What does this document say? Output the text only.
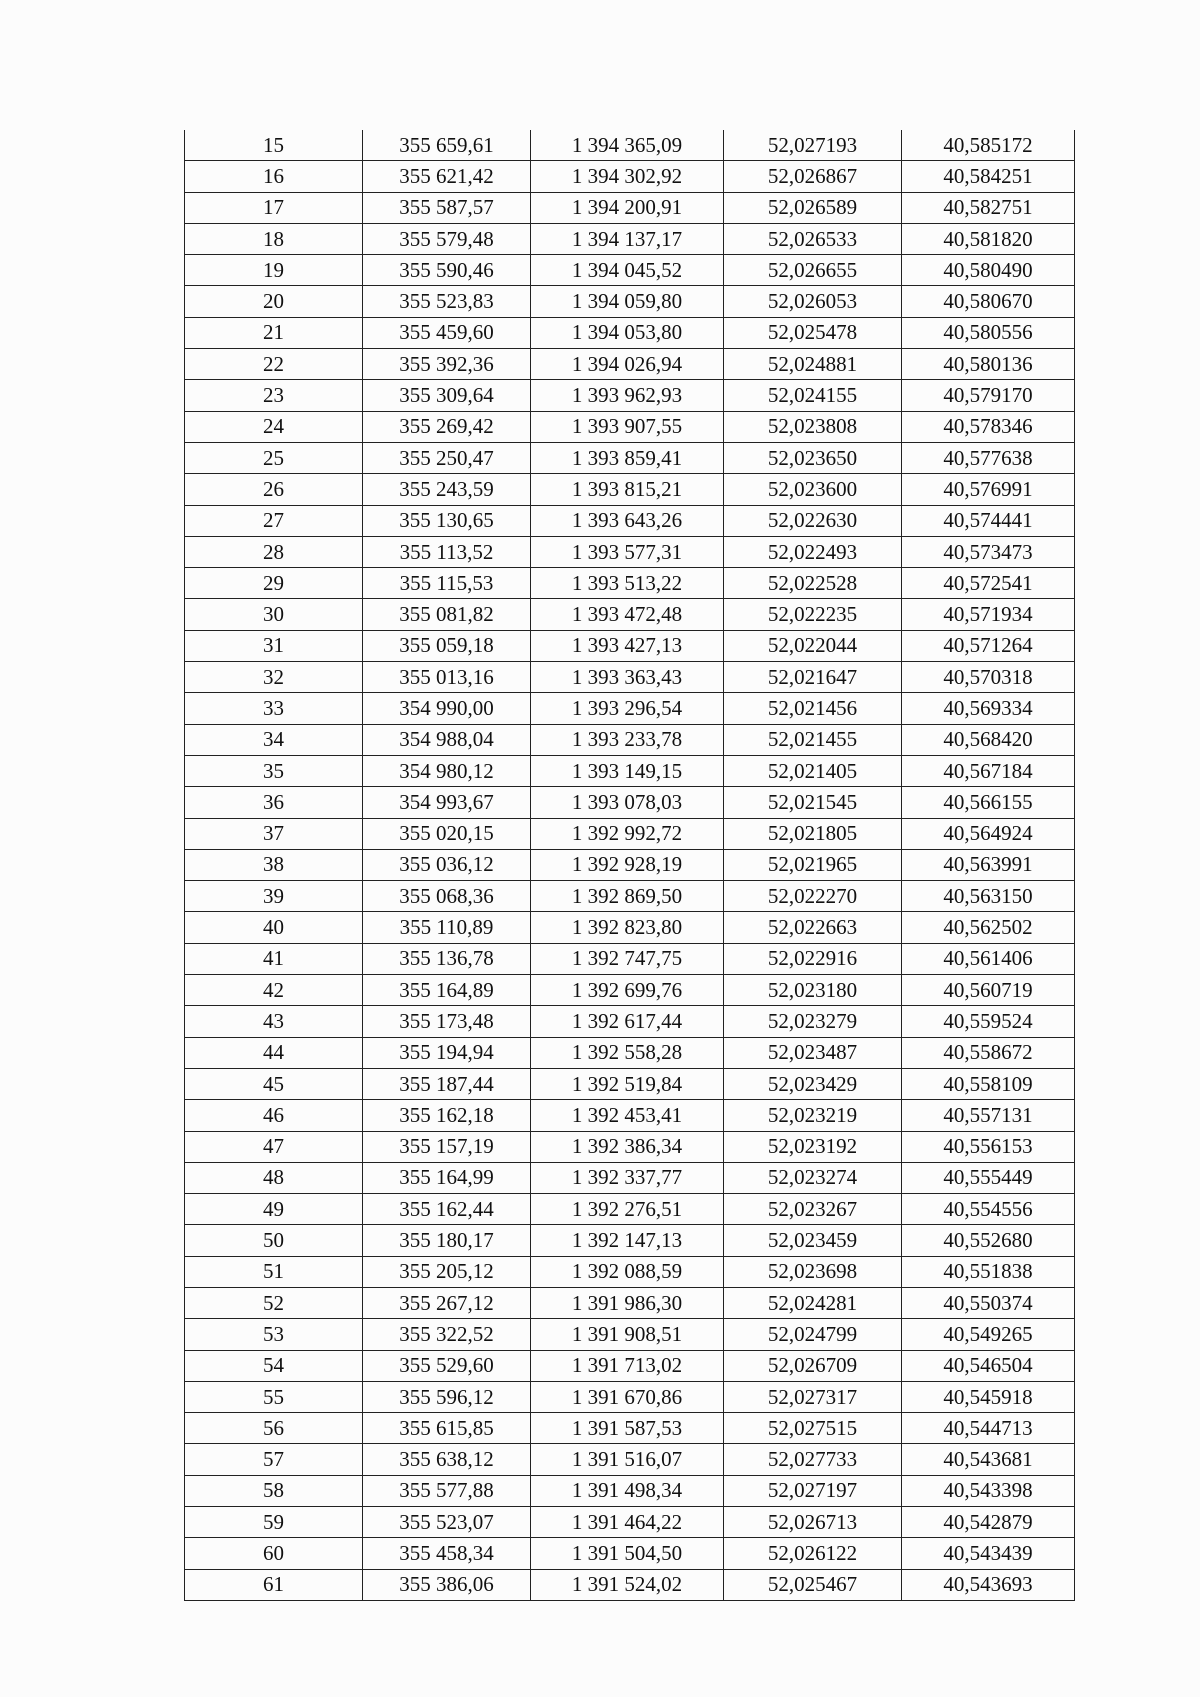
15	355 659,61	1 394 365,09	52,027193	40,585172
16	355 621,42	1 394 302,92	52,026867	40,584251
17	355 587,57	1 394 200,91	52,026589	40,582751
18	355 579,48	1 394 137,17	52,026533	40,581820
19	355 590,46	1 394 045,52	52,026655	40,580490
20	355 523,83	1 394 059,80	52,026053	40,580670
21	355 459,60	1 394 053,80	52,025478	40,580556
22	355 392,36	1 394 026,94	52,024881	40,580136
23	355 309,64	1 393 962,93	52,024155	40,579170
24	355 269,42	1 393 907,55	52,023808	40,578346
25	355 250,47	1 393 859,41	52,023650	40,577638
26	355 243,59	1 393 815,21	52,023600	40,576991
27	355 130,65	1 393 643,26	52,022630	40,574441
28	355 113,52	1 393 577,31	52,022493	40,573473
29	355 115,53	1 393 513,22	52,022528	40,572541
30	355 081,82	1 393 472,48	52,022235	40,571934
31	355 059,18	1 393 427,13	52,022044	40,571264
32	355 013,16	1 393 363,43	52,021647	40,570318
33	354 990,00	1 393 296,54	52,021456	40,569334
34	354 988,04	1 393 233,78	52,021455	40,568420
35	354 980,12	1 393 149,15	52,021405	40,567184
36	354 993,67	1 393 078,03	52,021545	40,566155
37	355 020,15	1 392 992,72	52,021805	40,564924
38	355 036,12	1 392 928,19	52,021965	40,563991
39	355 068,36	1 392 869,50	52,022270	40,563150
40	355 110,89	1 392 823,80	52,022663	40,562502
41	355 136,78	1 392 747,75	52,022916	40,561406
42	355 164,89	1 392 699,76	52,023180	40,560719
43	355 173,48	1 392 617,44	52,023279	40,559524
44	355 194,94	1 392 558,28	52,023487	40,558672
45	355 187,44	1 392 519,84	52,023429	40,558109
46	355 162,18	1 392 453,41	52,023219	40,557131
47	355 157,19	1 392 386,34	52,023192	40,556153
48	355 164,99	1 392 337,77	52,023274	40,555449
49	355 162,44	1 392 276,51	52,023267	40,554556
50	355 180,17	1 392 147,13	52,023459	40,552680
51	355 205,12	1 392 088,59	52,023698	40,551838
52	355 267,12	1 391 986,30	52,024281	40,550374
53	355 322,52	1 391 908,51	52,024799	40,549265
54	355 529,60	1 391 713,02	52,026709	40,546504
55	355 596,12	1 391 670,86	52,027317	40,545918
56	355 615,85	1 391 587,53	52,027515	40,544713
57	355 638,12	1 391 516,07	52,027733	40,543681
58	355 577,88	1 391 498,34	52,027197	40,543398
59	355 523,07	1 391 464,22	52,026713	40,542879
60	355 458,34	1 391 504,50	52,026122	40,543439
61	355 386,06	1 391 524,02	52,025467	40,543693
